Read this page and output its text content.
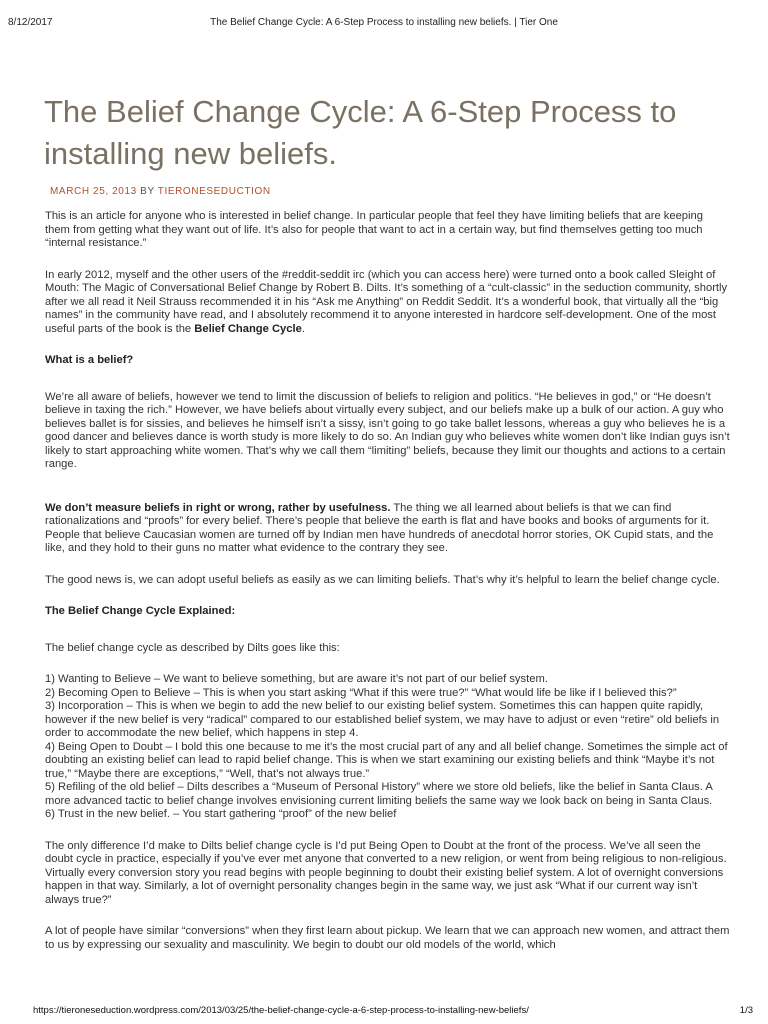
8/12/2017	The Belief Change Cycle: A 6-Step Process to installing new beliefs. | Tier One
The Belief Change Cycle: A 6-Step Process to installing new beliefs.
MARCH 25, 2013 BY TIERONESEDUCTION

This is an article for anyone who is interested in belief change. In particular people that feel they have limiting beliefs that are keeping them from getting what they want out of life. It’s also for people that want to act in a certain way, but find themselves getting too much “internal resistance.”

In early 2012, myself and the other users of the #reddit-seddit irc (which you can access here) were turned onto a book called Sleight of Mouth: The Magic of Conversational Belief Change by Robert B. Dilts. It’s something of a “cult-classic” in the seduction community, shortly after we all read it Neil Strauss recommended it in his “Ask me Anything” on Reddit Seddit. It’s a wonderful book, that virtually all the “big names” in the community have read, and I absolutely recommend it to anyone interested in hardcore self-development. One of the most useful parts of the book is the Belief Change Cycle.

What is a belief?

We’re all aware of beliefs, however we tend to limit the discussion of beliefs to religion and politics. “He believes in god,” or “He doesn’t believe in taxing the rich.” However, we have beliefs about virtually every subject, and our beliefs make up a bulk of our action. A guy who believes ballet is for sissies, and believes he himself isn’t a sissy, isn’t going to go take ballet lessons, whereas a guy who believes he is a good dancer and believes dance is worth study is more likely to do so. An Indian guy who believes white women don’t like Indian guys isn’t likely to start approaching white women. That’s why we call them “limiting” beliefs, because they limit our thoughts and actions to a certain range.

We don’t measure beliefs in right or wrong, rather by usefulness. The thing we all learned about beliefs is that we can find rationalizations and “proofs” for every belief. There’s people that believe the earth is flat and have books and books of arguments for it. People that believe Caucasian women are turned off by Indian men have hundreds of anecdotal horror stories, OK Cupid stats, and the like, and they hold to their guns no matter what evidence to the contrary they see.

The good news is, we can adopt useful beliefs as easily as we can limiting beliefs. That’s why it’s helpful to learn the belief change cycle.

The Belief Change Cycle Explained:

The belief change cycle as described by Dilts goes like this:

1) Wanting to Believe – We want to believe something, but are aware it’s not part of our belief system.
2) Becoming Open to Believe – This is when you start asking “What if this were true?” “What would life be like if I believed this?”
3) Incorporation – This is when we begin to add the new belief to our existing belief system. Sometimes this can happen quite rapidly, however if the new belief is very “radical” compared to our established belief system, we may have to adjust or even “retire” old beliefs in order to accommodate the new belief, which happens in step 4.
4) Being Open to Doubt – I bold this one because to me it’s the most crucial part of any and all belief change. Sometimes the simple act of doubting an existing belief can lead to rapid belief change. This is when we start examining our existing beliefs and think “Maybe it’s not true,” “Maybe there are exceptions,” “Well, that’s not always true.”
5) Refiling of the old belief – Dilts describes a “Museum of Personal History” where we store old beliefs, like the belief in Santa Claus. A more advanced tactic to belief change involves envisioning current limiting beliefs the same way we look back on being in Santa Claus.
6) Trust in the new belief. – You start gathering “proof” of the new belief

The only difference I’d make to Dilts belief change cycle is I’d put Being Open to Doubt at the front of the process. We’ve all seen the doubt cycle in practice, especially if you’ve ever met anyone that converted to a new religion, or went from being religious to non-religious. Virtually every conversion story you read begins with people beginning to doubt their existing belief system. A lot of overnight conversions happen in that way. Similarly, a lot of overnight personality changes begin in the same way, we just ask “What if our current way isn’t always true?”

A lot of people have similar “conversions” when they first learn about pickup. We learn that we can approach new women, and attract them to us by expressing our sexuality and masculinity. We begin to doubt our old models of the world, which

https://tieroneseduction.wordpress.com/2013/03/25/the-belief-change-cycle-a-6-step-process-to-installing-new-beliefs/	1/3
